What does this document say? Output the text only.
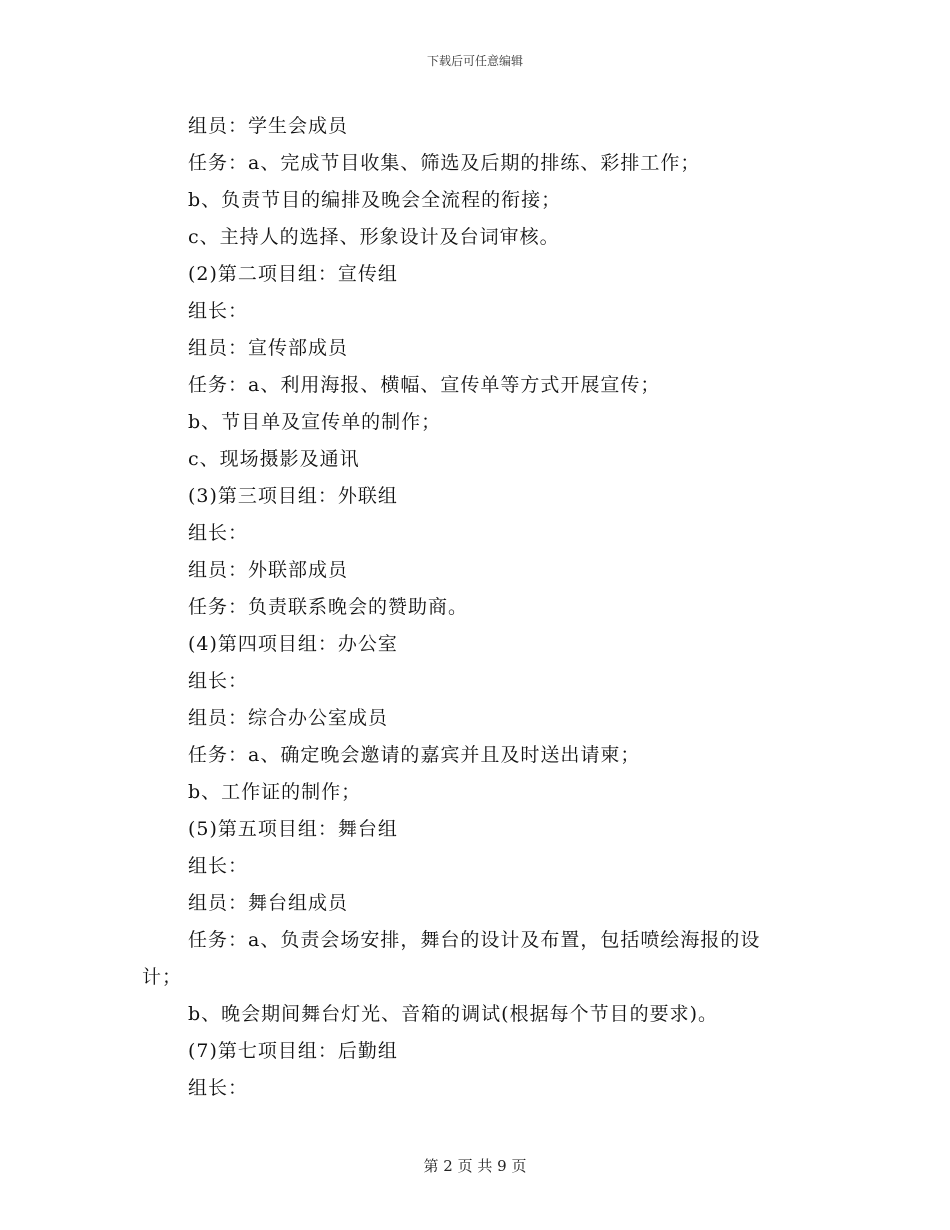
下载后可任意编辑
组员：学生会成员
任务：a、完成节目收集、筛选及后期的排练、彩排工作；
b、负责节目的编排及晚会全流程的衔接；
c、主持人的选择、形象设计及台词审核。
(2)第二项目组：宣传组
组长：
组员：宣传部成员
任务：a、利用海报、横幅、宣传单等方式开展宣传；
b、节目单及宣传单的制作；
c、现场摄影及通讯
(3)第三项目组：外联组
组长：
组员：外联部成员
任务：负责联系晚会的赞助商。
(4)第四项目组：办公室
组长：
组员：综合办公室成员
任务：a、确定晚会邀请的嘉宾并且及时送出请柬；
b、工作证的制作；
(5)第五项目组：舞台组
组长：
组员：舞台组成员
任务：a、负责会场安排，舞台的设计及布置，包括喷绘海报的设
计；
b、晚会期间舞台灯光、音箱的调试(根据每个节目的要求)。
(7)第七项目组：后勤组
组长：
第 2 页 共 9 页
